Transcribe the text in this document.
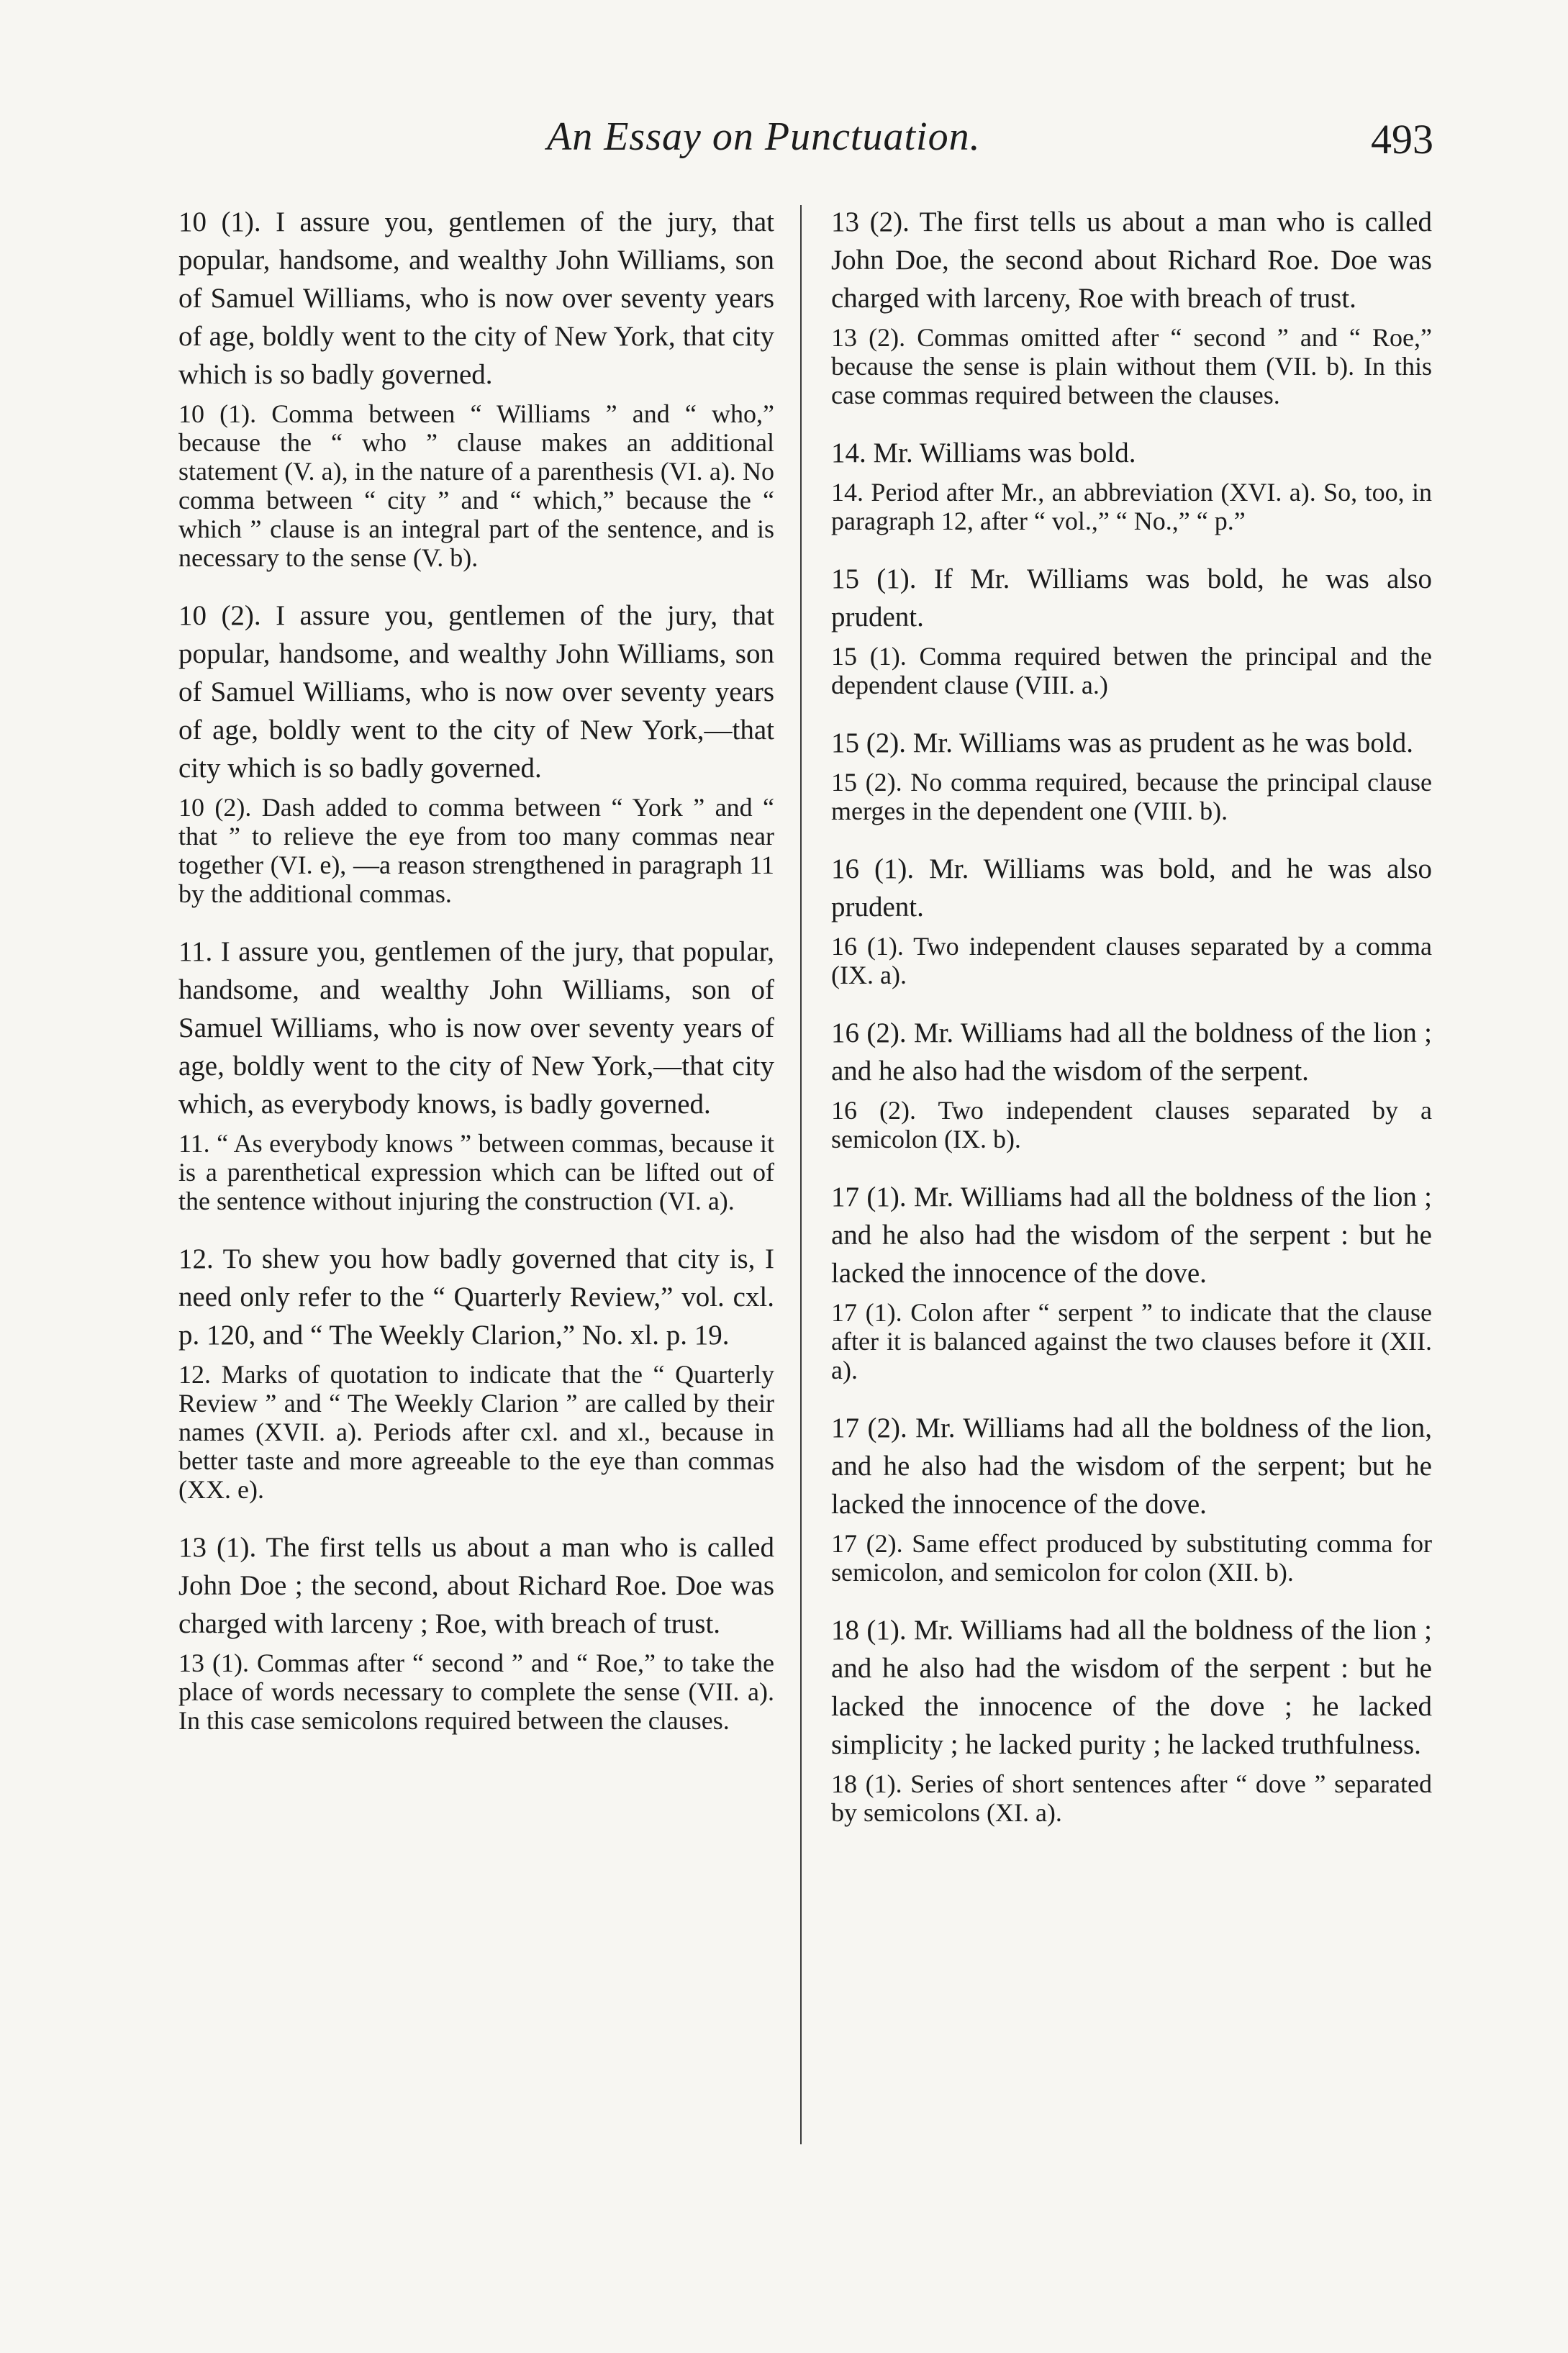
An Essay on Punctuation.	493

10 (1). I assure you, gentlemen of the jury, that popular, handsome, and wealthy John Williams, son of Samuel Williams, who is now over seventy years of age, boldly went to the city of New York, that city which is so badly governed.

10 (1). Comma between “ Williams ” and “ who,” because the “ who ” clause makes an additional statement (V. a), in the nature of a parenthesis (VI. a). No comma between “ city ” and “ which,” because the “ which ” clause is an integral part of the sentence, and is necessary to the sense (V. b).

10 (2). I assure you, gentlemen of the jury, that popular, handsome, and wealthy John Williams, son of Samuel Williams, who is now over seventy years of age, boldly went to the city of New York,—that city which is so badly governed.

10 (2). Dash added to comma between “ York ” and “ that ” to relieve the eye from too many commas near together (VI. e), —a reason strengthened in paragraph 11 by the additional commas.

11. I assure you, gentlemen of the jury, that popular, handsome, and wealthy John Williams, son of Samuel Williams, who is now over seventy years of age, boldly went to the city of New York,—that city which, as everybody knows, is badly governed.

11. “ As everybody knows ” between commas, because it is a parenthetical expression which can be lifted out of the sentence without injuring the construction (VI. a).

12. To shew you how badly governed that city is, I need only refer to the “ Quarterly Review,” vol. cxl. p. 120, and “ The Weekly Clarion,” No. xl. p. 19.

12. Marks of quotation to indicate that the “ Quarterly Review ” and “ The Weekly Clarion ” are called by their names (XVII. a). Periods after cxl. and xl., because in better taste and more agreeable to the eye than commas (XX. e).

13 (1). The first tells us about a man who is called John Doe ; the second, about Richard Roe. Doe was charged with larceny ; Roe, with breach of trust.

13 (1). Commas after “ second ” and “ Roe,” to take the place of words necessary to complete the sense (VII. a). In this case semicolons required between the clauses.

13 (2). The first tells us about a man who is called John Doe, the second about Richard Roe. Doe was charged with larceny, Roe with breach of trust.

13 (2). Commas omitted after “ second ” and “ Roe,” because the sense is plain without them (VII. b). In this case commas required between the clauses.

14. Mr. Williams was bold.

14. Period after Mr., an abbreviation (XVI. a). So, too, in paragraph 12, after “ vol.,” “ No.,” “ p.”

15 (1). If Mr. Williams was bold, he was also prudent.

15 (1). Comma required betwen the principal and the dependent clause (VIII. a.)

15 (2). Mr. Williams was as prudent as he was bold.

15 (2). No comma required, because the principal clause merges in the dependent one (VIII. b).

16 (1). Mr. Williams was bold, and he was also prudent.

16 (1). Two independent clauses separated by a comma (IX. a).

16 (2). Mr. Williams had all the boldness of the lion ; and he also had the wisdom of the serpent.

16 (2). Two independent clauses separated by a semicolon (IX. b).

17 (1). Mr. Williams had all the boldness of the lion ; and he also had the wisdom of the serpent : but he lacked the innocence of the dove.

17 (1). Colon after “ serpent ” to indicate that the clause after it is balanced against the two clauses before it (XII. a).

17 (2). Mr. Williams had all the boldness of the lion, and he also had the wisdom of the serpent; but he lacked the innocence of the dove.

17 (2). Same effect produced by substituting comma for semicolon, and semicolon for colon (XII. b).

18 (1). Mr. Williams had all the boldness of the lion ; and he also had the wisdom of the serpent : but he lacked the innocence of the dove ; he lacked simplicity ; he lacked purity ; he lacked truthfulness.

18 (1). Series of short sentences after “ dove ” separated by semicolons (XI. a).
